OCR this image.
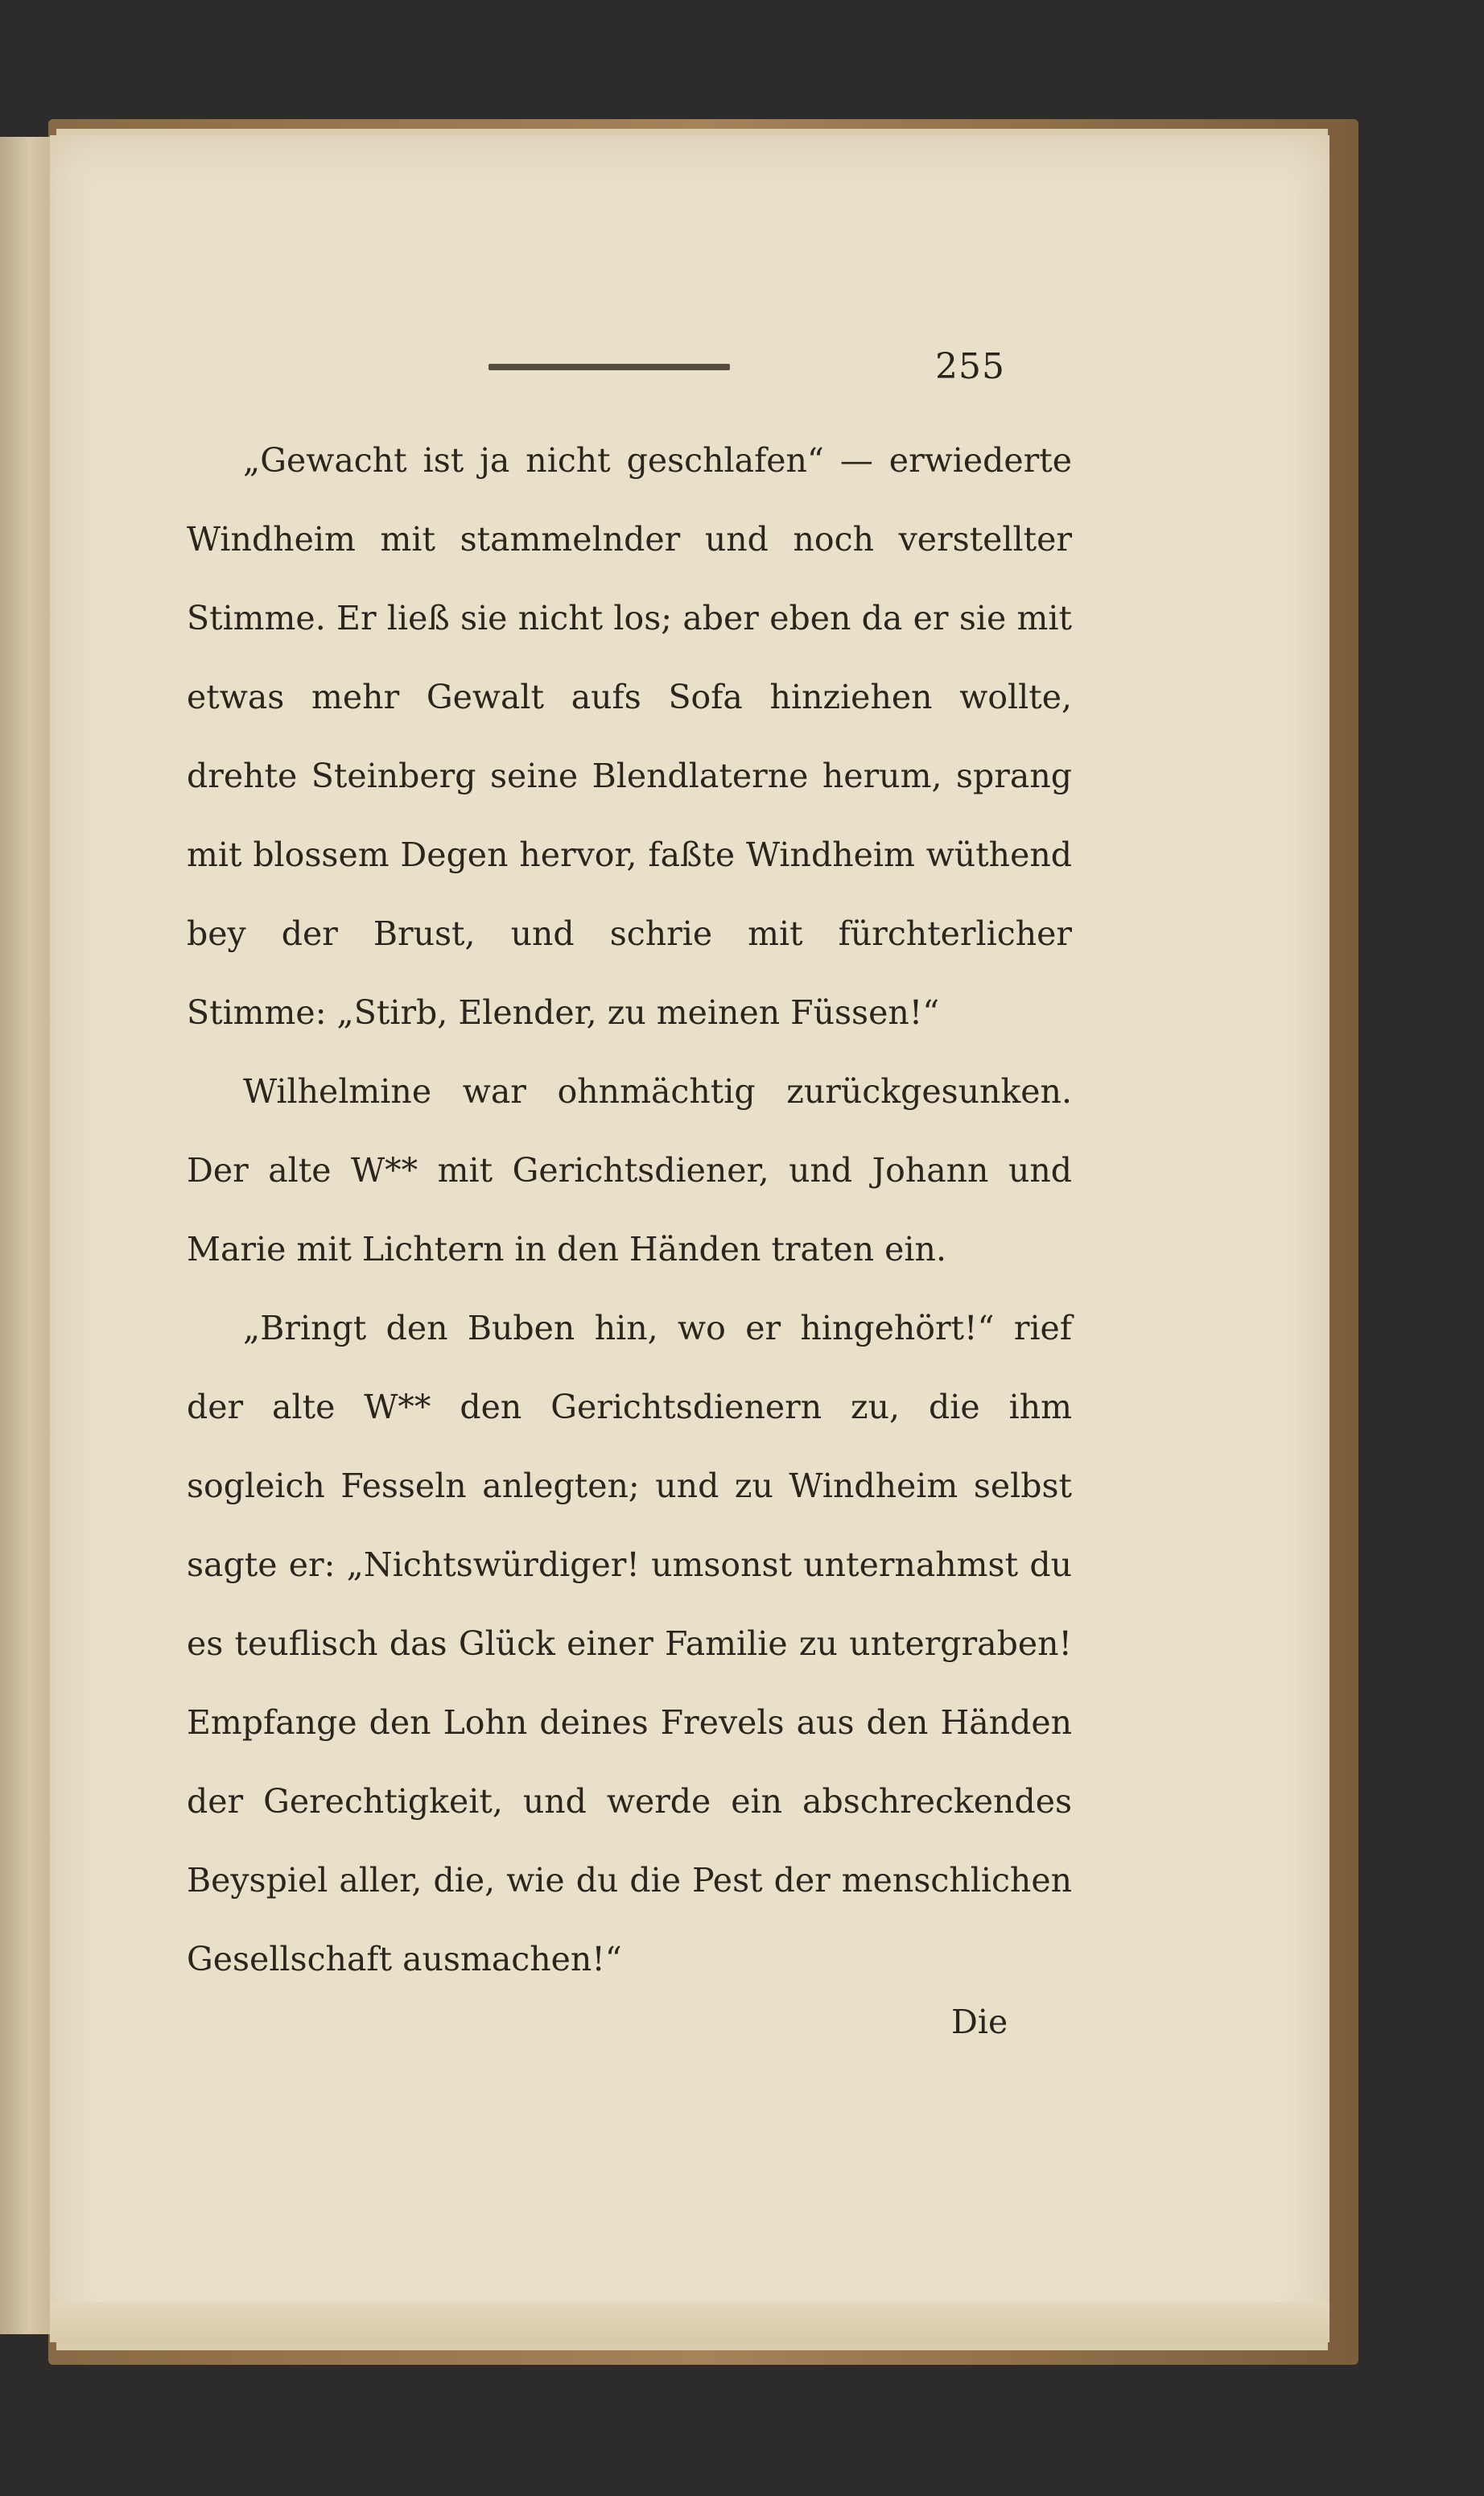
255

„Gewacht ist ja nicht geschlafen“ — erwiederte Windheim mit stammelnder und noch verstellter Stimme. Er ließ sie nicht los; aber eben da er sie mit etwas mehr Gewalt aufs Sofa hinziehen wollte, drehte Steinberg seine Blendlaterne herum, sprang mit blossem Degen hervor, faßte Windheim wüthend bey der Brust, und schrie mit fürchterlicher Stimme: „Stirb, Elender, zu meinen Füssen!“

Wilhelmine war ohnmächtig zurückgesunken. Der alte W** mit Gerichtsdiener, und Johann und Marie mit Lichtern in den Händen traten ein.

„Bringt den Buben hin, wo er hingehört!“ rief der alte W** den Gerichtsdienern zu, die ihm sogleich Fesseln anlegten; und zu Windheim selbst sagte er: „Nichtswürdiger! umsonst unternahmst du es teuflisch das Glück einer Familie zu untergraben! Empfange den Lohn deines Frevels aus den Händen der Gerechtigkeit, und werde ein abschreckendes Beyspiel aller, die, wie du die Pest der menschlichen Gesellschaft ausmachen!“

Die
